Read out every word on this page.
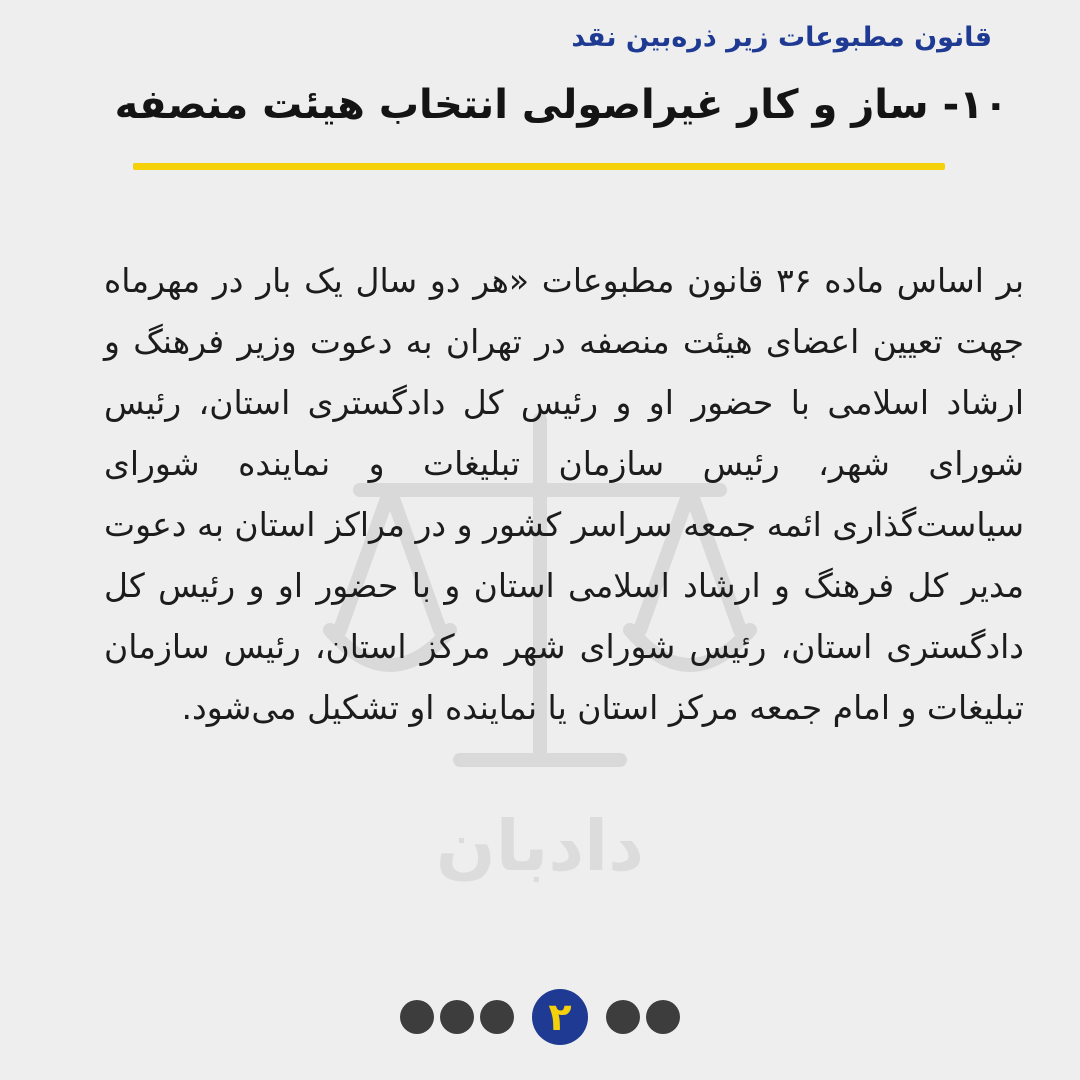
قانون مطبوعات زیر ذره‌بین نقد
۱۰- ساز و کار غیراصولی انتخاب هیئت منصفه
دادبان

بر اساس ماده ۳۶ قانون مطبوعات «هر دو سال یک بار در مهرماه جهت تعیین اعضای هیئت منصفه در تهران به دعوت وزیر فرهنگ و ارشاد اسلامی با حضور او و رئیس کل دادگستری استان، رئیس شورای شهر، رئیس سازمان تبلیغات و نماینده شورای سیاست‌گذاری ائمه جمعه سراسر کشور و در مراکز استان به دعوت مدیر کل فرهنگ و ارشاد اسلامی استان و با حضور او و رئیس کل دادگستری استان، رئیس شورای شهر مرکز استان، رئیس سازمان تبلیغات و امام جمعه مرکز استان یا نماینده او تشکیل می‌شود.

۲
